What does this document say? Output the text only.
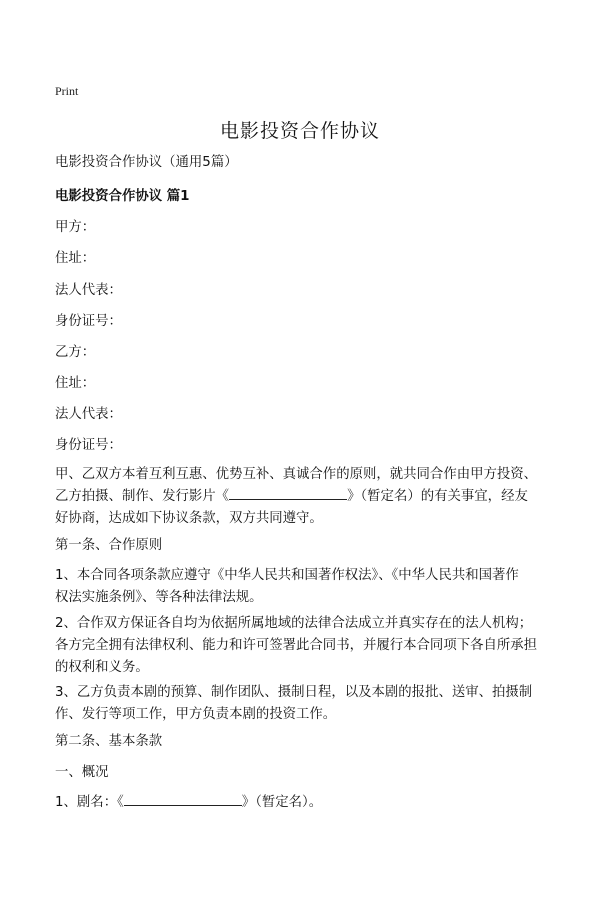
Print
电影投资合作协议
电影投资合作协议（通用5篇）
电影投资合作协议 篇1
甲方：
住址：
法人代表：
身份证号：
乙方：
住址：
法人代表：
身份证号：
甲、乙双方本着互利互惠、优势互补、真诚合作的原则，就共同合作由甲方投资、
乙方拍摄、制作、发行影片《	》（暂定名）的有关事宜，经友
好协商，达成如下协议条款，双方共同遵守。
第一条、合作原则
1、本合同各项条款应遵守《中华人民共和国著作权法》、《中华人民共和国著作
权法实施条例》、等各种法律法规。
2、合作双方保证各自均为依据所属地域的法律合法成立并真实存在的法人机构；
各方完全拥有法律权利、能力和许可签署此合同书，并履行本合同项下各自所承担
的权利和义务。
3、乙方负责本剧的预算、制作团队、摄制日程，以及本剧的报批、送审、拍摄制
作、发行等项工作，甲方负责本剧的投资工作。
第二条、基本条款
一、概况
1、剧名：《	》（暂定名）。
